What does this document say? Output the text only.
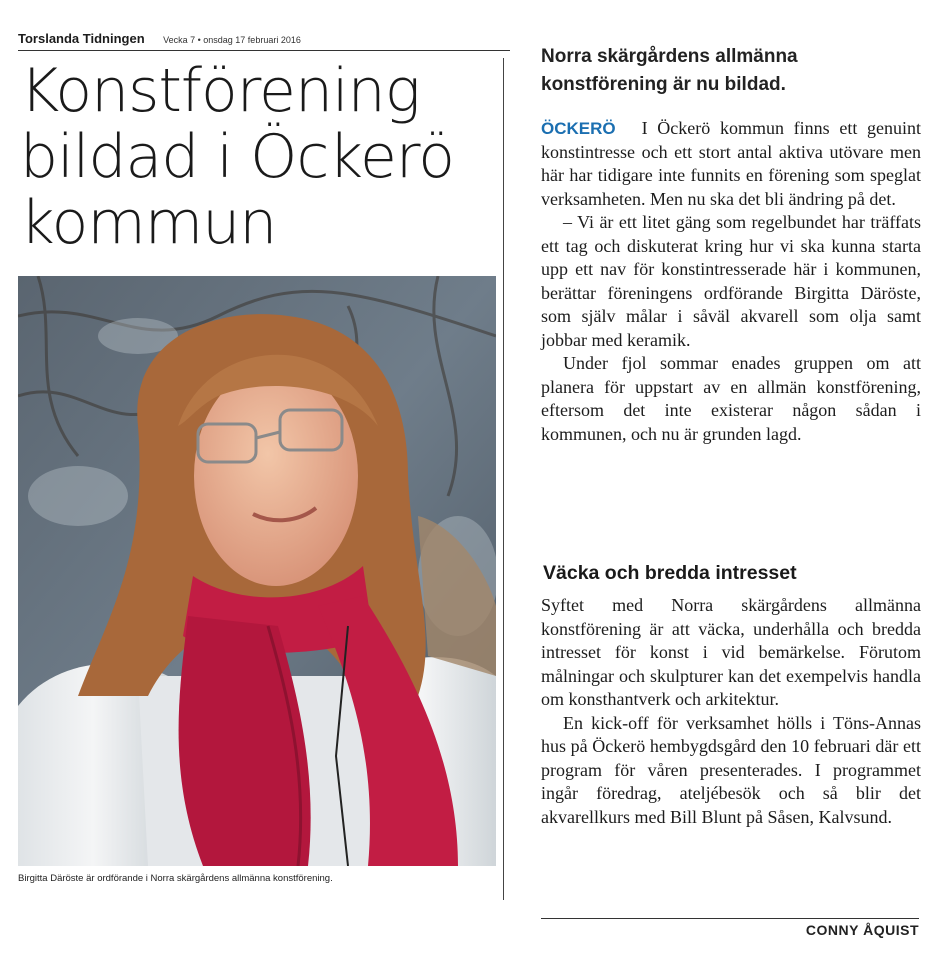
Torslanda Tidningen Vecka 7 • onsdag 17 februari 2016
Konstförening bildad i Öckerö kommun

Birgitta Däröste är ordförande i Norra skärgårdens allmänna konstförening.

Norra skärgårdens allmänna konstförening är nu bildad.

ÖCKERÖ I Öckerö kommun finns ett genuint konstintresse och ett stort antal aktiva utövare men här har tidigare inte funnits en förening som speglat verksamheten. Men nu ska det bli ändring på det.

– Vi är ett litet gäng som regelbundet har träffats ett tag och diskuterat kring hur vi ska kunna starta upp ett nav för konstintresserade här i kommunen, berättar föreningens ordförande Birgitta Däröste, som själv målar i såväl akvarell som olja samt jobbar med keramik.

Under fjol sommar enades gruppen om att planera för uppstart av en allmän konstförening, eftersom det inte existerar någon sådan i kommunen, och nu är grunden lagd.

Väcka och bredda intresset

Syftet med Norra skärgårdens allmänna konstförening är att väcka, underhålla och bredda intresset för konst i vid bemärkelse. Förutom målningar och skulpturer kan det exempelvis handla om konsthantverk och arkitektur.

En kick-off för verksamhet hölls i Töns-Annas hus på Öckerö hembygdsgård den 10 februari där ett program för våren presenterades. I programmet ingår föredrag, ateljébesök och så blir det akvarellkurs med Bill Blunt på Såsen, Kalvsund.

CONNY ÅQUIST
